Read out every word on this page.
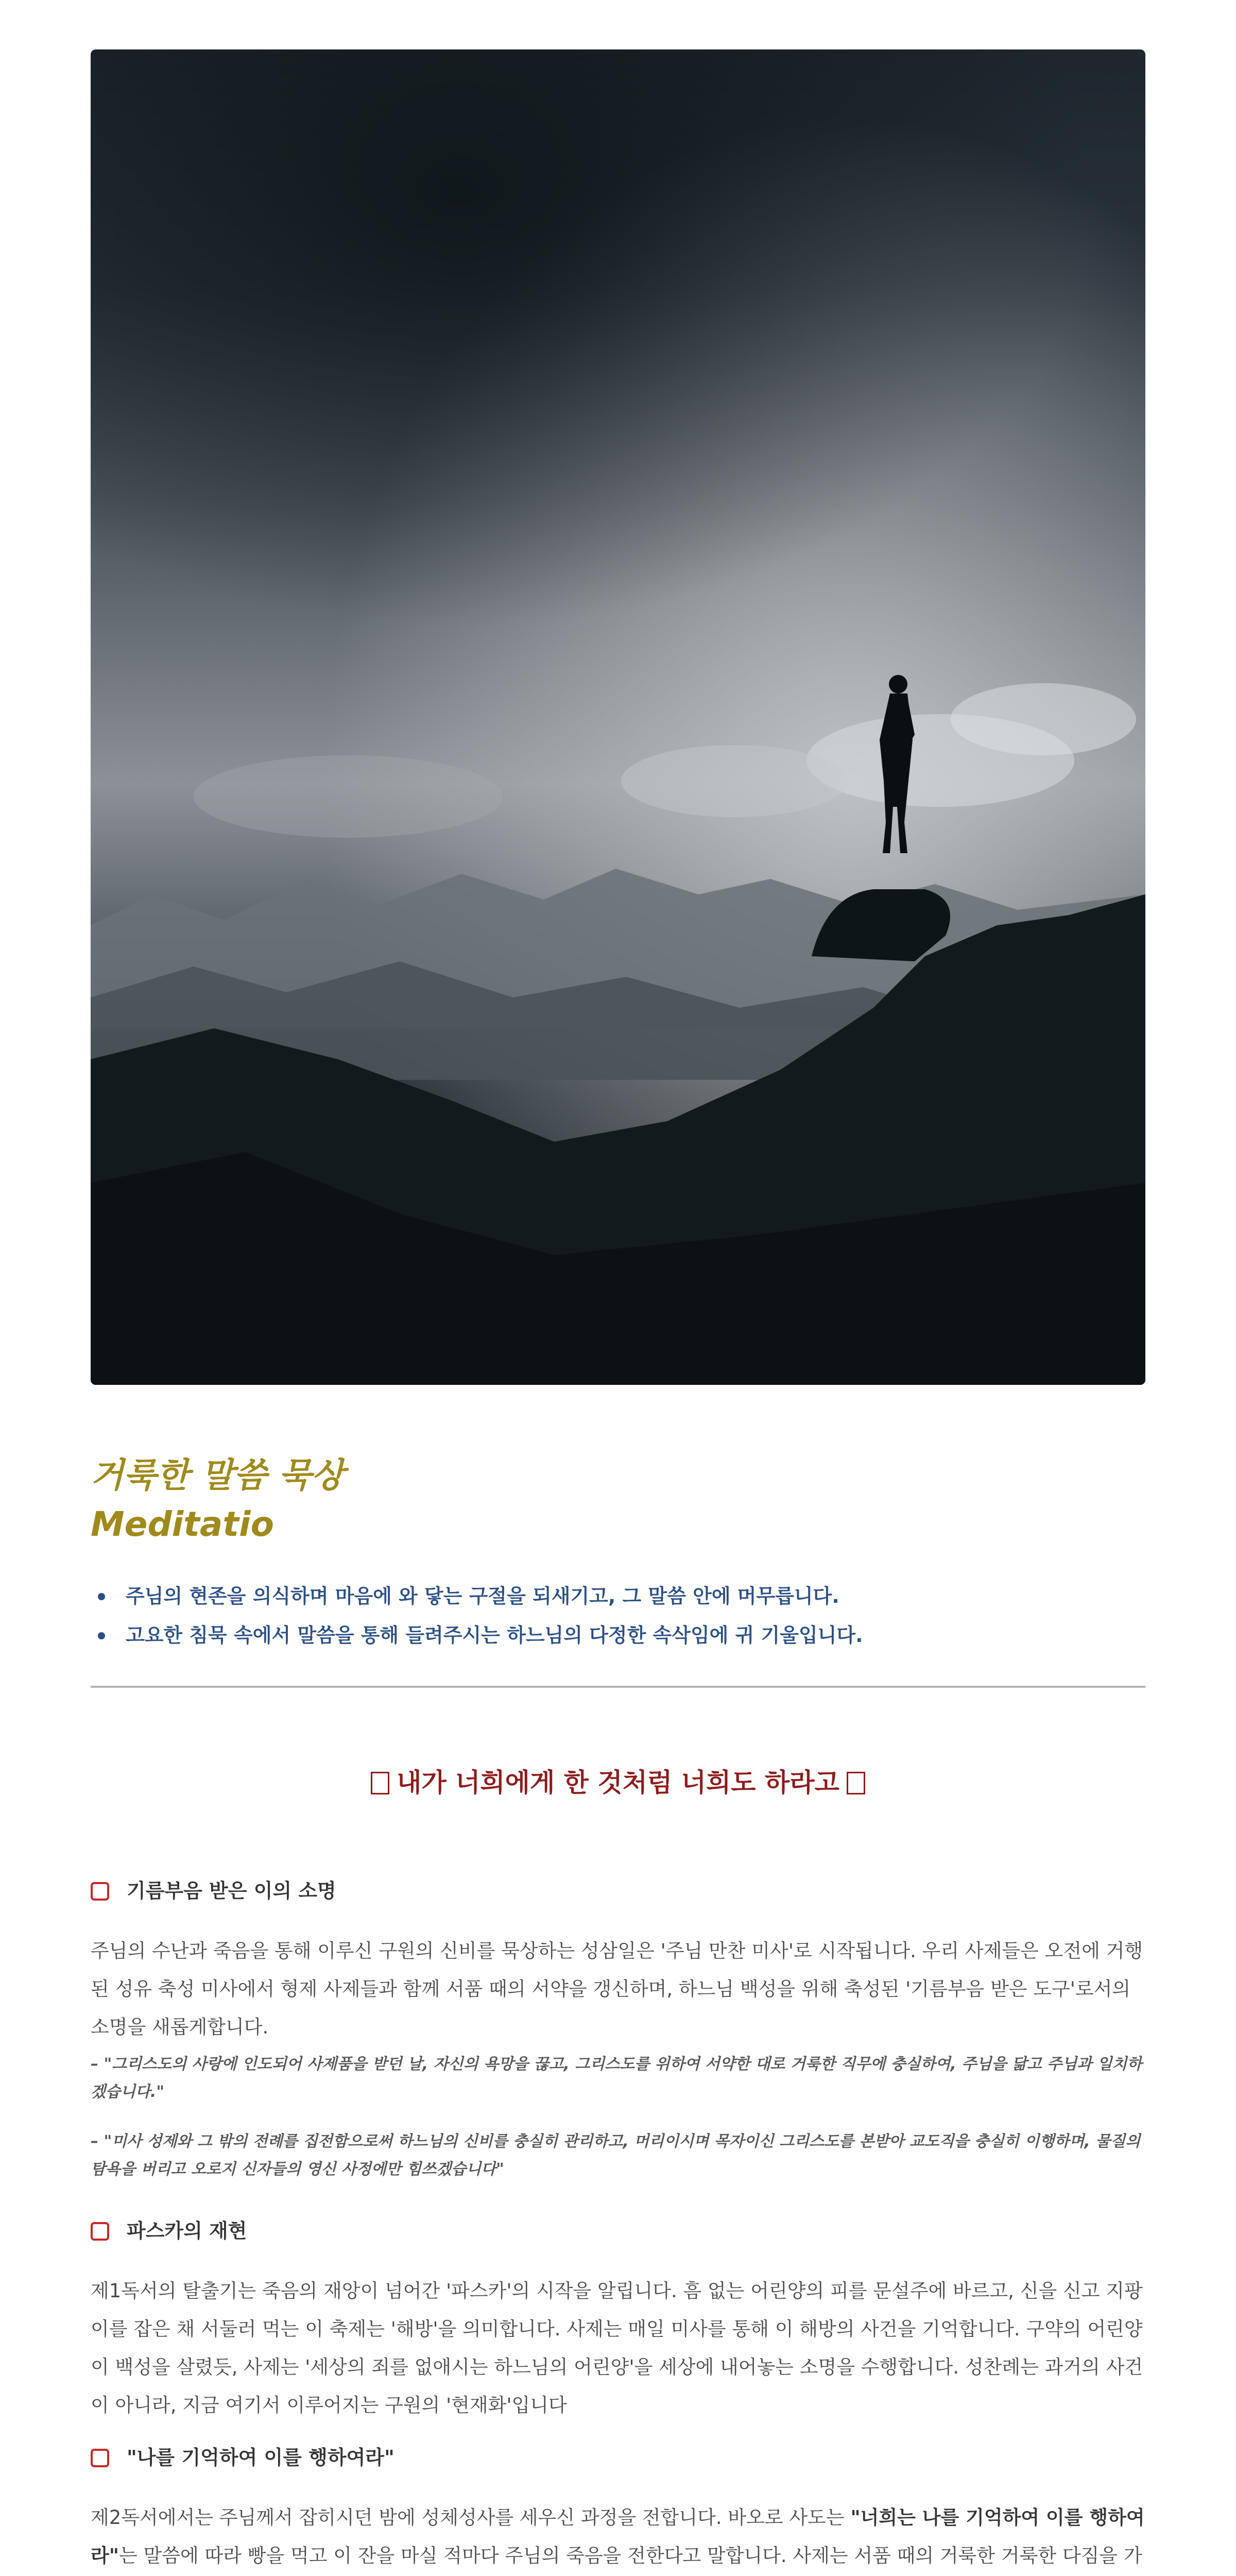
거룩한 말씀 묵상
Meditatio
주님의 현존을 의식하며 마음에 와 닿는 구절을 되새기고, 그 말씀 안에 머무릅니다.
고요한 침묵 속에서 말씀을 통해 들려주시는 하느님의 다정한 속삭임에 귀 기울입니다.
내가 너희에게 한 것처럼 너희도 하라고
기름부음 받은 이의 소명

주님의 수난과 죽음을 통해 이루신 구원의 신비를 묵상하는 성삼일은 '주님 만찬 미사'로 시작됩니다. 우리 사제들은 오전에 거행된 성유 축성 미사에서 형제 사제들과 함께 서품 때의 서약을 갱신하며, 하느님 백성을 위해 축성된 '기름부음 받은 도구'로서의 소명을 새롭게합니다.

– "그리스도의 사랑에 인도되어 사제품을 받던 날, 자신의 욕망을 끊고, 그리스도를 위하여 서약한 대로 거룩한 직무에 충실하여, 주님을 닮고 주님과 일치하겠습니다."

– "미사 성제와 그 밖의 전례를 집전함으로써 하느님의 신비를 충실히 관리하고, 머리이시며 목자이신 그리스도를 본받아 교도직을 충실히 이행하며, 물질의 탐욕을 버리고 오로지 신자들의 영신 사정에만 힘쓰겠습니다"

파스카의 재현

제1독서의 탈출기는 죽음의 재앙이 넘어간 '파스카'의 시작을 알립니다. 흠 없는 어린양의 피를 문설주에 바르고, 신을 신고 지팡이를 잡은 채 서둘러 먹는 이 축제는 '해방'을 의미합니다. 사제는 매일 미사를 통해 이 해방의 사건을 기억합니다. 구약의 어린양이 백성을 살렸듯, 사제는 '세상의 죄를 없애시는 하느님의 어린양'을 세상에 내어놓는 소명을 수행합니다. 성찬례는 과거의 사건이 아니라, 지금 여기서 이루어지는 구원의 '현재화'입니다

"나를 기억하여 이를 행하여라"

제2독서에서는 주님께서 잡히시던 밤에 성체성사를 세우신 과정을 전합니다. 바오로 사도는 "너희는 나를 기억하여 이를 행하여라"는 말씀에 따라 빵을 먹고 이 잔을 마실 적마다 주님의 죽음을 전한다고 말합니다. 사제는 서품 때의 거룩한 거룩한 다짐을 가
